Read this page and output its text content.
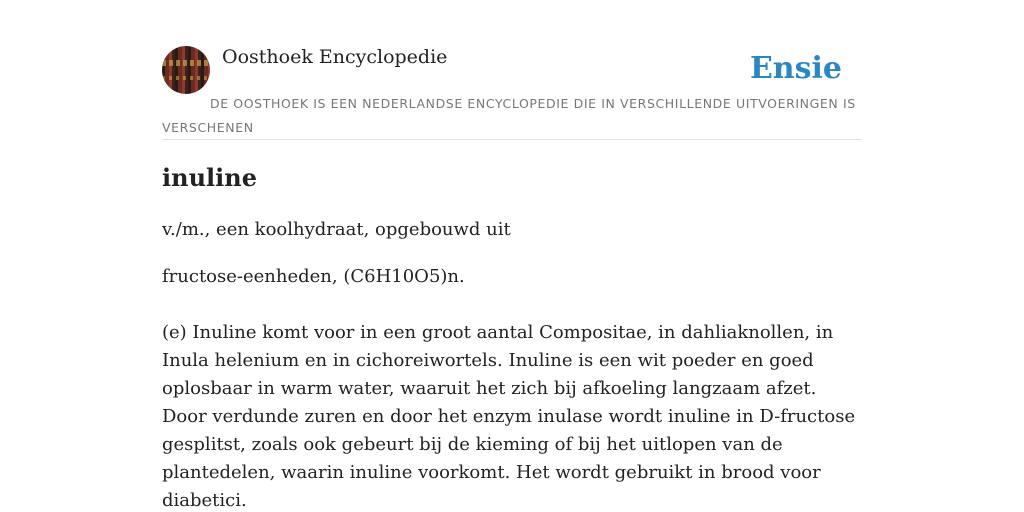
Oosthoek Encyclopedie	Ensie
DE OOSTHOEK IS EEN NEDERLANDSE ENCYCLOPEDIE DIE IN VERSCHILLENDE UITVOERINGEN IS VERSCHENEN
inuline

v./m., een koolhydraat, opgebouwd uit

fructose-eenheden, (C6H10O5)n.

(e) Inuline komt voor in een groot aantal Compositae, in dahliaknollen, in Inula helenium en in cichoreiwortels. Inuline is een wit poeder en goed oplosbaar in warm water, waaruit het zich bij afkoeling langzaam afzet. Door verdunde zuren en door het enzym inulase wordt inuline in D-fructose gesplitst, zoals ook gebeurt bij de kieming of bij het uitlopen van de plantedelen, waarin inuline voorkomt. Het wordt gebruikt in brood voor diabetici.
